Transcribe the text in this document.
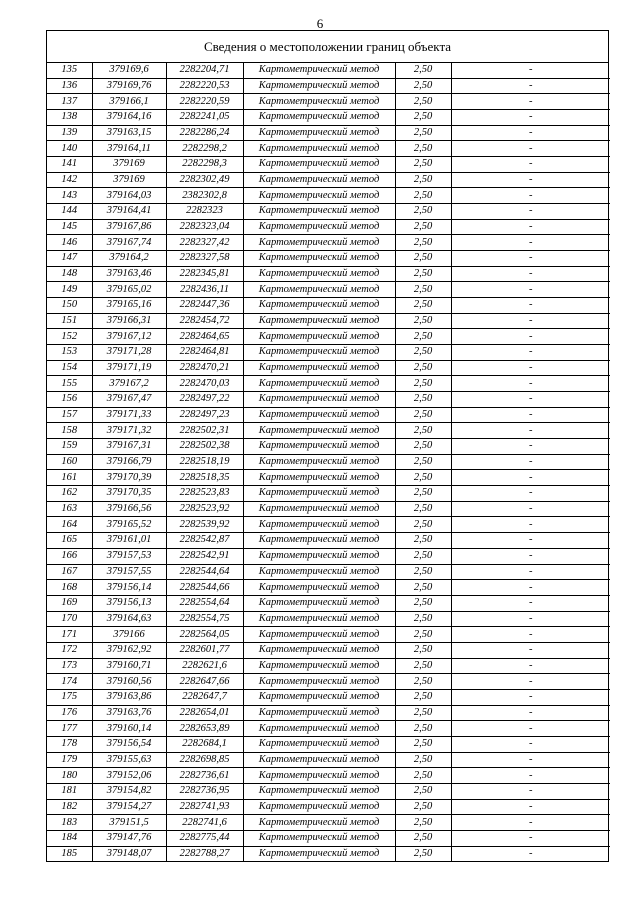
6
Сведения о местоположении границ объекта
135	379169,6	2282204,71	Картометрический метод	2,50	-
136	379169,76	2282220,53	Картометрический метод	2,50	-
137	379166,1	2282220,59	Картометрический метод	2,50	-
138	379164,16	2282241,05	Картометрический метод	2,50	-
139	379163,15	2282286,24	Картометрический метод	2,50	-
140	379164,11	2282298,2	Картометрический метод	2,50	-
141	379169	2282298,3	Картометрический метод	2,50	-
142	379169	2282302,49	Картометрический метод	2,50	-
143	379164,03	2382302,8	Картометрический метод	2,50	-
144	379164,41	2282323	Картометрический метод	2,50	-
145	379167,86	2282323,04	Картометрический метод	2,50	-
146	379167,74	2282327,42	Картометрический метод	2,50	-
147	379164,2	2282327,58	Картометрический метод	2,50	-
148	379163,46	2282345,81	Картометрический метод	2,50	-
149	379165,02	2282436,11	Картометрический метод	2,50	-
150	379165,16	2282447,36	Картометрический метод	2,50	-
151	379166,31	2282454,72	Картометрический метод	2,50	-
152	379167,12	2282464,65	Картометрический метод	2,50	-
153	379171,28	2282464,81	Картометрический метод	2,50	-
154	379171,19	2282470,21	Картометрический метод	2,50	-
155	379167,2	2282470,03	Картометрический метод	2,50	-
156	379167,47	2282497,22	Картометрический метод	2,50	-
157	379171,33	2282497,23	Картометрический метод	2,50	-
158	379171,32	2282502,31	Картометрический метод	2,50	-
159	379167,31	2282502,38	Картометрический метод	2,50	-
160	379166,79	2282518,19	Картометрический метод	2,50	-
161	379170,39	2282518,35	Картометрический метод	2,50	-
162	379170,35	2282523,83	Картометрический метод	2,50	-
163	379166,56	2282523,92	Картометрический метод	2,50	-
164	379165,52	2282539,92	Картометрический метод	2,50	-
165	379161,01	2282542,87	Картометрический метод	2,50	-
166	379157,53	2282542,91	Картометрический метод	2,50	-
167	379157,55	2282544,64	Картометрический метод	2,50	-
168	379156,14	2282544,66	Картометрический метод	2,50	-
169	379156,13	2282554,64	Картометрический метод	2,50	-
170	379164,63	2282554,75	Картометрический метод	2,50	-
171	379166	2282564,05	Картометрический метод	2,50	-
172	379162,92	2282601,77	Картометрический метод	2,50	-
173	379160,71	2282621,6	Картометрический метод	2,50	-
174	379160,56	2282647,66	Картометрический метод	2,50	-
175	379163,86	2282647,7	Картометрический метод	2,50	-
176	379163,76	2282654,01	Картометрический метод	2,50	-
177	379160,14	2282653,89	Картометрический метод	2,50	-
178	379156,54	2282684,1	Картометрический метод	2,50	-
179	379155,63	2282698,85	Картометрический метод	2,50	-
180	379152,06	2282736,61	Картометрический метод	2,50	-
181	379154,82	2282736,95	Картометрический метод	2,50	-
182	379154,27	2282741,93	Картометрический метод	2,50	-
183	379151,5	2282741,6	Картометрический метод	2,50	-
184	379147,76	2282775,44	Картометрический метод	2,50	-
185	379148,07	2282788,27	Картометрический метод	2,50	-
